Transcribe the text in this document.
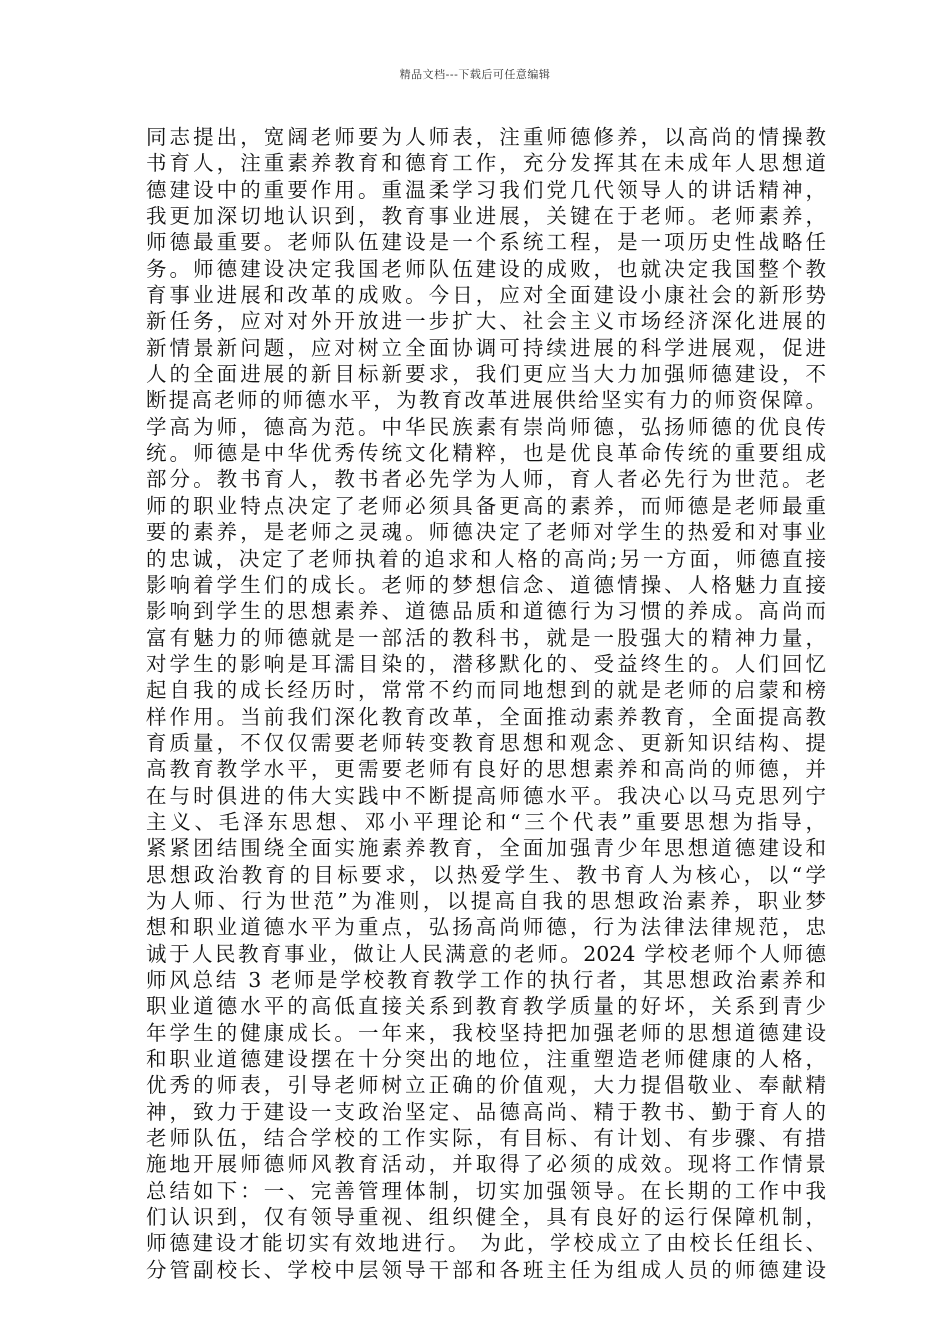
精品文档---下载后可任意编辑
同志提出，宽阔老师要为人师表，注重师德修养，以高尚的情操教
书育人，注重素养教育和德育工作，充分发挥其在未成年人思想道
德建设中的重要作用。重温柔学习我们党几代领导人的讲话精神，
我更加深切地认识到，教育事业进展，关键在于老师。老师素养，
师德最重要。老师队伍建设是一个系统工程，是一项历史性战略任
务。师德建设决定我国老师队伍建设的成败，也就决定我国整个教
育事业进展和改革的成败。今日，应对全面建设小康社会的新形势
新任务，应对对外开放进一步扩大、社会主义市场经济深化进展的
新情景新问题，应对树立全面协调可持续进展的科学进展观，促进
人的全面进展的新目标新要求，我们更应当大力加强师德建设，不
断提高老师的师德水平，为教育改革进展供给坚实有力的师资保障。
学高为师，德高为范。中华民族素有崇尚师德，弘扬师德的优良传
统。师德是中华优秀传统文化精粹，也是优良革命传统的重要组成
部分。教书育人，教书者必先学为人师，育人者必先行为世范。老
师的职业特点决定了老师必须具备更高的素养，而师德是老师最重
要的素养，是老师之灵魂。师德决定了老师对学生的热爱和对事业
的忠诚，决定了老师执着的追求和人格的高尚;另一方面，师德直接
影响着学生们的成长。老师的梦想信念、道德情操、人格魅力直接
影响到学生的思想素养、道德品质和道德行为习惯的养成。高尚而
富有魅力的师德就是一部活的教科书，就是一股强大的精神力量，
对学生的影响是耳濡目染的，潜移默化的、受益终生的。人们回忆
起自我的成长经历时，常常不约而同地想到的就是老师的启蒙和榜
样作用。当前我们深化教育改革，全面推动素养教育，全面提高教
育质量，不仅仅需要老师转变教育思想和观念、更新知识结构、提
高教育教学水平，更需要老师有良好的思想素养和高尚的师德，并
在与时俱进的伟大实践中不断提高师德水平。我决心以马克思列宁
主义、毛泽东思想、邓小平理论和“三个代表”重要思想为指导，
紧紧团结围绕全面实施素养教育，全面加强青少年思想道德建设和
思想政治教育的目标要求，以热爱学生、教书育人为核心，以“学
为人师、行为世范”为准则，以提高自我的思想政治素养，职业梦
想和职业道德水平为重点，弘扬高尚师德，行为法律法律规范，忠
诚于人民教育事业，做让人民满意的老师。2024 学校老师个人师德
师风总结 3 老师是学校教育教学工作的执行者，其思想政治素养和
职业道德水平的高低直接关系到教育教学质量的好坏，关系到青少
年学生的健康成长。一年来，我校坚持把加强老师的思想道德建设
和职业道德建设摆在十分突出的地位，注重塑造老师健康的人格，
优秀的师表，引导老师树立正确的价值观，大力提倡敬业、奉献精
神，致力于建设一支政治坚定、品德高尚、精于教书、勤于育人的
老师队伍，结合学校的工作实际，有目标、有计划、有步骤、有措
施地开展师德师风教育活动，并取得了必须的成效。现将工作情景
总结如下：一、完善管理体制，切实加强领导。在长期的工作中我
们认识到，仅有领导重视、组织健全，具有良好的运行保障机制，
师德建设才能切实有效地进行。 为此，学校成立了由校长任组长、
分管副校长、学校中层领导干部和各班主任为组成人员的师德建设
